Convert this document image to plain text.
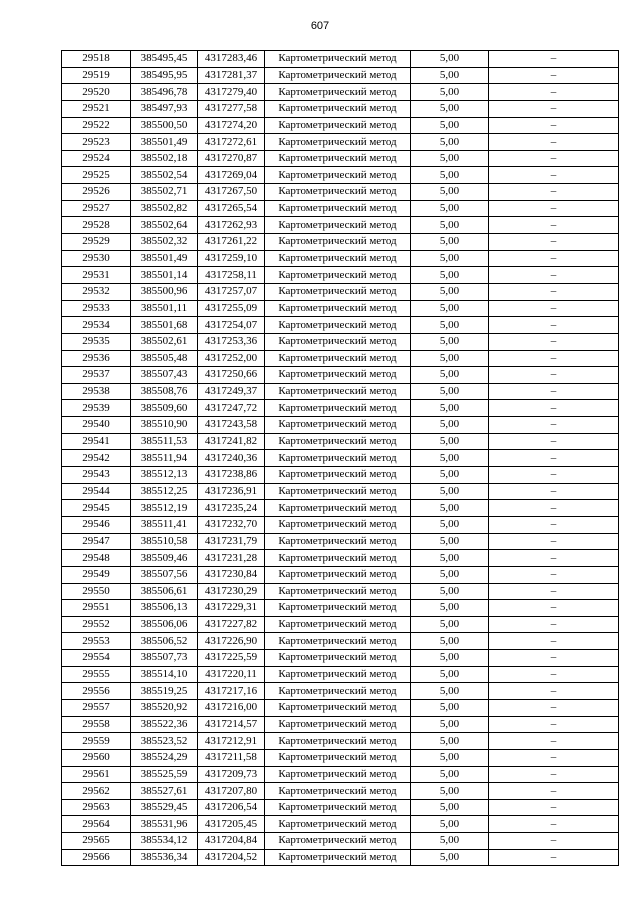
607
29518	385495,45	4317283,46	Картометрический метод	5,00	–
29519	385495,95	4317281,37	Картометрический метод	5,00	–
29520	385496,78	4317279,40	Картометрический метод	5,00	–
29521	385497,93	4317277,58	Картометрический метод	5,00	–
29522	385500,50	4317274,20	Картометрический метод	5,00	–
29523	385501,49	4317272,61	Картометрический метод	5,00	–
29524	385502,18	4317270,87	Картометрический метод	5,00	–
29525	385502,54	4317269,04	Картометрический метод	5,00	–
29526	385502,71	4317267,50	Картометрический метод	5,00	–
29527	385502,82	4317265,54	Картометрический метод	5,00	–
29528	385502,64	4317262,93	Картометрический метод	5,00	–
29529	385502,32	4317261,22	Картометрический метод	5,00	–
29530	385501,49	4317259,10	Картометрический метод	5,00	–
29531	385501,14	4317258,11	Картометрический метод	5,00	–
29532	385500,96	4317257,07	Картометрический метод	5,00	–
29533	385501,11	4317255,09	Картометрический метод	5,00	–
29534	385501,68	4317254,07	Картометрический метод	5,00	–
29535	385502,61	4317253,36	Картометрический метод	5,00	–
29536	385505,48	4317252,00	Картометрический метод	5,00	–
29537	385507,43	4317250,66	Картометрический метод	5,00	–
29538	385508,76	4317249,37	Картометрический метод	5,00	–
29539	385509,60	4317247,72	Картометрический метод	5,00	–
29540	385510,90	4317243,58	Картометрический метод	5,00	–
29541	385511,53	4317241,82	Картометрический метод	5,00	–
29542	385511,94	4317240,36	Картометрический метод	5,00	–
29543	385512,13	4317238,86	Картометрический метод	5,00	–
29544	385512,25	4317236,91	Картометрический метод	5,00	–
29545	385512,19	4317235,24	Картометрический метод	5,00	–
29546	385511,41	4317232,70	Картометрический метод	5,00	–
29547	385510,58	4317231,79	Картометрический метод	5,00	–
29548	385509,46	4317231,28	Картометрический метод	5,00	–
29549	385507,56	4317230,84	Картометрический метод	5,00	–
29550	385506,61	4317230,29	Картометрический метод	5,00	–
29551	385506,13	4317229,31	Картометрический метод	5,00	–
29552	385506,06	4317227,82	Картометрический метод	5,00	–
29553	385506,52	4317226,90	Картометрический метод	5,00	–
29554	385507,73	4317225,59	Картометрический метод	5,00	–
29555	385514,10	4317220,11	Картометрический метод	5,00	–
29556	385519,25	4317217,16	Картометрический метод	5,00	–
29557	385520,92	4317216,00	Картометрический метод	5,00	–
29558	385522,36	4317214,57	Картометрический метод	5,00	–
29559	385523,52	4317212,91	Картометрический метод	5,00	–
29560	385524,29	4317211,58	Картометрический метод	5,00	–
29561	385525,59	4317209,73	Картометрический метод	5,00	–
29562	385527,61	4317207,80	Картометрический метод	5,00	–
29563	385529,45	4317206,54	Картометрический метод	5,00	–
29564	385531,96	4317205,45	Картометрический метод	5,00	–
29565	385534,12	4317204,84	Картометрический метод	5,00	–
29566	385536,34	4317204,52	Картометрический метод	5,00	–
